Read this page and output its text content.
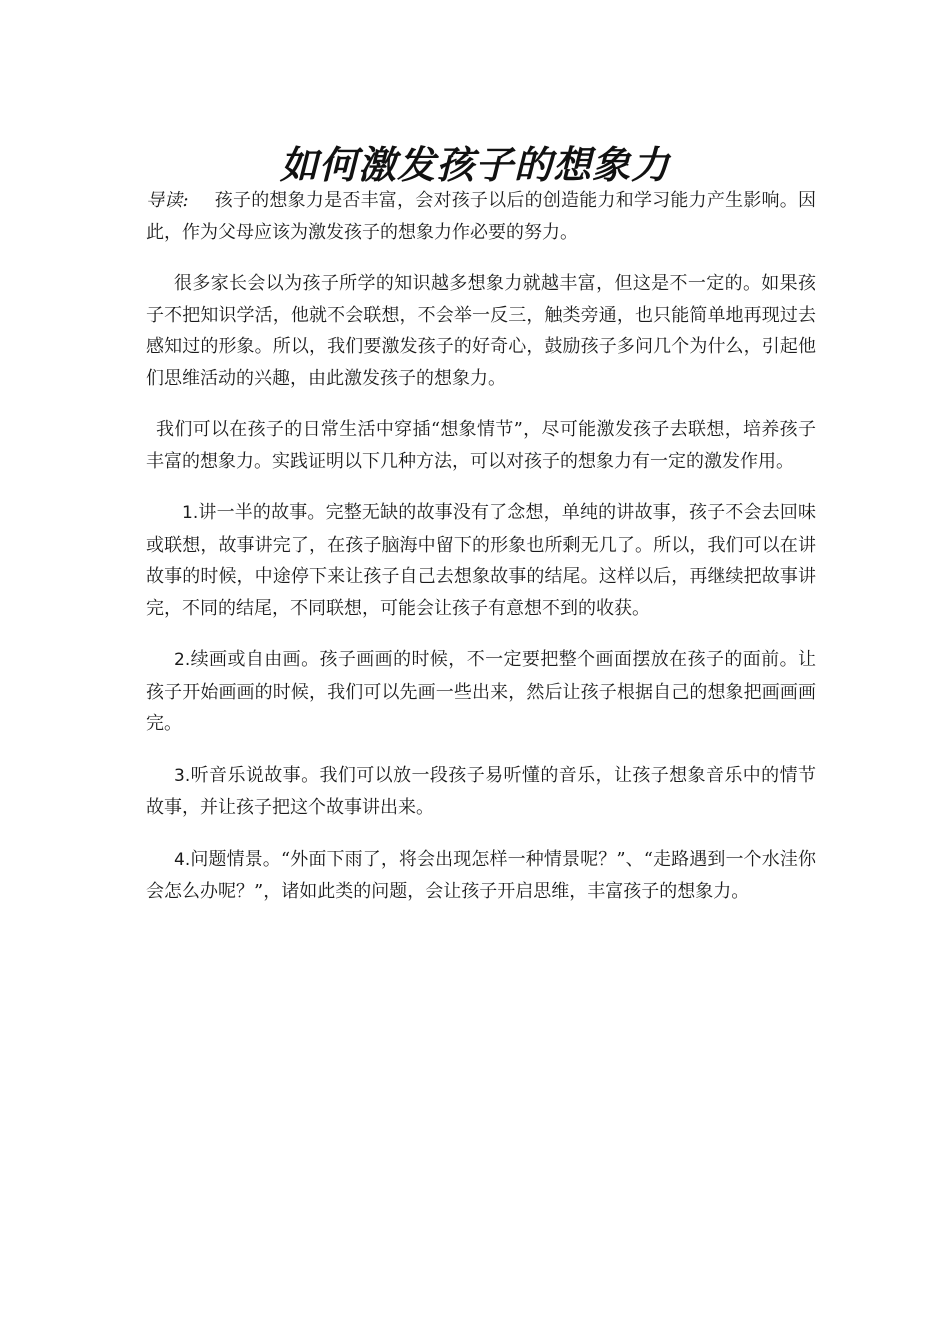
如何激发孩子的想象力

导读: 孩子的想象力是否丰富，会对孩子以后的创造能力和学习能力产生影响。因此，作为父母应该为激发孩子的想象力作必要的努力。

很多家长会以为孩子所学的知识越多想象力就越丰富，但这是不一定的。如果孩子不把知识学活，他就不会联想，不会举一反三，触类旁通，也只能简单地再现过去感知过的形象。所以，我们要激发孩子的好奇心，鼓励孩子多问几个为什么，引起他们思维活动的兴趣，由此激发孩子的想象力。

我们可以在孩子的日常生活中穿插“想象情节”，尽可能激发孩子去联想，培养孩子丰富的想象力。实践证明以下几种方法，可以对孩子的想象力有一定的激发作用。

1.讲一半的故事。完整无缺的故事没有了念想，单纯的讲故事，孩子不会去回味或联想，故事讲完了，在孩子脑海中留下的形象也所剩无几了。所以，我们可以在讲故事的时候，中途停下来让孩子自己去想象故事的结尾。这样以后，再继续把故事讲完，不同的结尾，不同联想，可能会让孩子有意想不到的收获。

2.续画或自由画。孩子画画的时候，不一定要把整个画面摆放在孩子的面前。让孩子开始画画的时候，我们可以先画一些出来，然后让孩子根据自己的想象把画画画完。

3.听音乐说故事。我们可以放一段孩子易听懂的音乐，让孩子想象音乐中的情节故事，并让孩子把这个故事讲出来。

4.问题情景。“外面下雨了，将会出现怎样一种情景呢？”、“走路遇到一个水洼你会怎么办呢？”，诸如此类的问题，会让孩子开启思维，丰富孩子的想象力。
